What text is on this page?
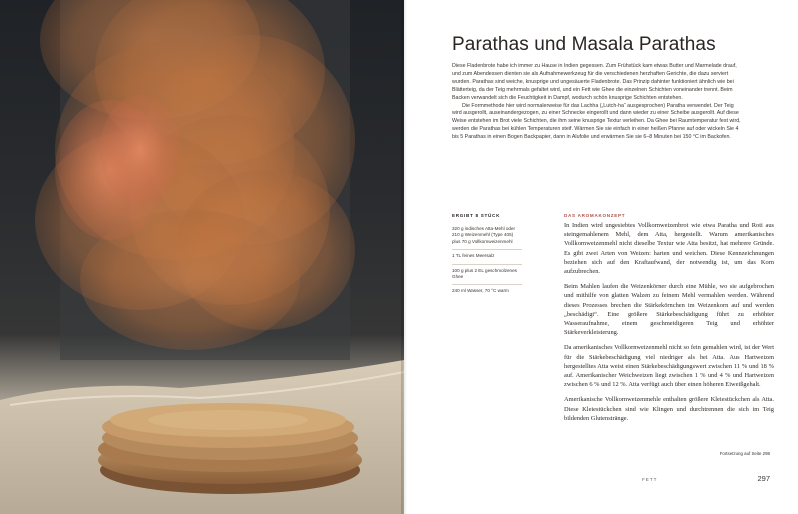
Parathas und Masala Parathas

Diese Fladenbrote habe ich immer zu Hause in Indien gegessen. Zum Frühstück kam etwas Butter und Marmelade drauf, und zum Abendessen dienten sie als Aufnahmewerkzeug für die verschiedenen herzhaften Gerichte, die dazu serviert wurden. Parathas sind weiche, knusprige und ungesäuerte Fladenbrote. Das Prinzip dahinter funktioniert ähnlich wie bei Blätterteig, da der Teig mehrmals gefaltet wird, und ein Fett wie Ghee die einzelnen Schichten voneinander trennt. Beim Backen verwandelt sich die Feuchtigkeit in Dampf, wodurch schön knusprige Schichten entstehen.

Die Formmethode hier wird normalerweise für das Lachha („Lutch-ha“ ausgesprochen) Paratha verwendet. Der Teig wird ausgerollt, auseinandergezogen, zu einer Schnecke eingerollt und dann wieder zu einer Scheibe ausgerollt. Auf diese Weise entstehen im Brot viele Schichten, die ihm seine knusprige Textur verleihen. Da Ghee bei Raumtemperatur fest wird, werden die Parathas bei kühlen Temperaturen steif. Wärmen Sie sie einfach in einer heißen Pfanne auf oder wickeln Sie 4 bis 5 Parathas in einen Bogen Backpapier, dann in Alufolie und erwärmen Sie sie 6–8 Minuten bei 150 °C im Backofen.

ERGIBT 8 STÜCK
320 g indisches Atta-Mehl oder 210 g Weizenmehl (Type 405) plus 70 g Vollkornweizenmehl
1 TL feines Meersalz
100 g plus 2 EL geschmolzenes Ghee
240 ml Wasser, 70 °C warm
DAS AROMAKONZEPT

In Indien wird ungesiebtes Vollkornweizenbrot wie etwa Paratha und Roti aus steingemahlenem Mehl, dem Atta, hergestellt. Warum amerikanisches Vollkornweizenmehl nicht dieselbe Textur wie Atta besitzt, hat mehrere Gründe. Es gibt zwei Arten von Weizen: harten und weichen. Diese Kennzeichnungen beziehen sich auf den Kraftaufwand, der notwendig ist, um das Korn aufzubrechen.

Beim Mahlen laufen die Weizenkörner durch eine Mühle, wo sie aufgebrochen und mithilfe von glatten Walzen zu feinem Mehl vermahlen werden. Während dieses Prozesses brechen die Stärkekörnchen im Weizenkorn auf und werden „beschädigt“. Eine größere Stärkebeschädigung führt zu erhöhter Wasseraufnahme, einem geschmeidigeren Teig und erhöhter Stärkeverkleisterung.

Da amerikanisches Vollkornweizenmehl nicht so fein gemahlen wird, ist der Wert für die Stärkebeschädigung viel niedriger als bei Atta. Aus Hartweizen hergestelltes Atta weist einen Stärkebeschädigungswert zwischen 11 % und 18 % auf. Amerikanischer Weichweizen liegt zwischen 1 % und 4 % und Hartweizen zwischen 6 % und 12 %. Atta verfügt auch über einen höheren Eiweißgehalt.

Amerikanische Vollkornweizenmehle enthalten größere Kleiestückchen als Atta. Diese Kleiestückchen sind wie Klingen und durchtrennen die sich im Teig bildenden Glutenstränge.

Fortsetzung auf Seite 298
FETT	297
